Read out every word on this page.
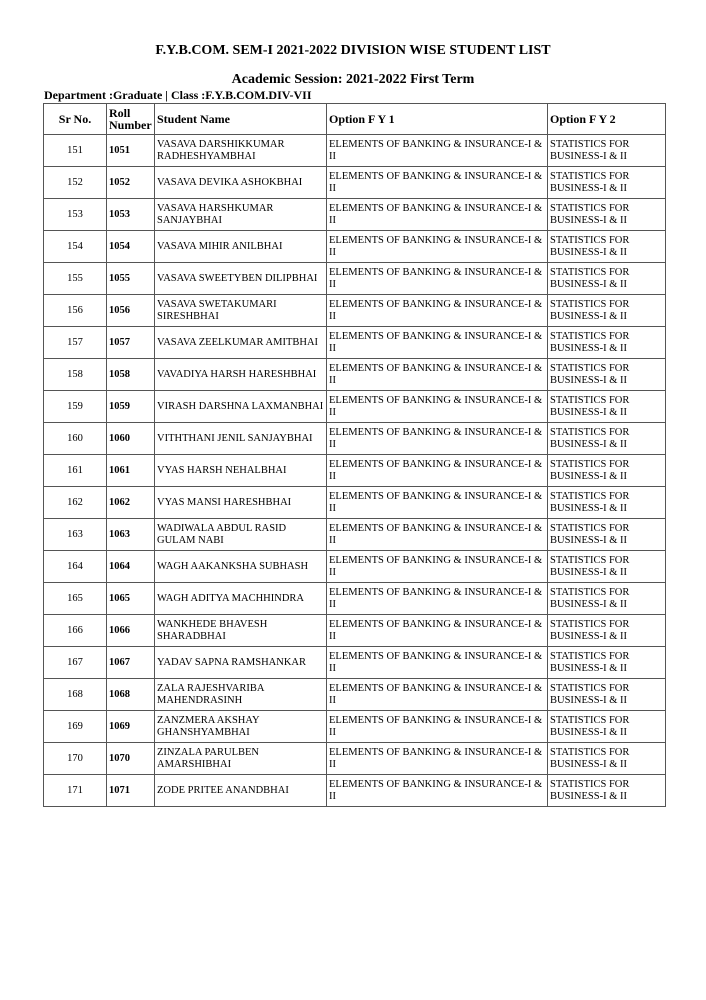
F.Y.B.COM. SEM-I 2021-2022 DIVISION WISE STUDENT LIST
Academic Session: 2021-2022 First Term
Department :Graduate | Class :F.Y.B.COM.DIV-VII
Sr No.	Roll Number	Student Name	Option F Y 1	Option F Y 2
151	1051	VASAVA DARSHIKKUMAR RADHESHYAMBHAI	ELEMENTS OF BANKING & INSURANCE-I & II	STATISTICS FOR BUSINESS-I & II
152	1052	VASAVA DEVIKA ASHOKBHAI	ELEMENTS OF BANKING & INSURANCE-I & II	STATISTICS FOR BUSINESS-I & II
153	1053	VASAVA HARSHKUMAR SANJAYBHAI	ELEMENTS OF BANKING & INSURANCE-I & II	STATISTICS FOR BUSINESS-I & II
154	1054	VASAVA MIHIR ANILBHAI	ELEMENTS OF BANKING & INSURANCE-I & II	STATISTICS FOR BUSINESS-I & II
155	1055	VASAVA SWEETYBEN DILIPBHAI	ELEMENTS OF BANKING & INSURANCE-I & II	STATISTICS FOR BUSINESS-I & II
156	1056	VASAVA SWETAKUMARI SIRESHBHAI	ELEMENTS OF BANKING & INSURANCE-I & II	STATISTICS FOR BUSINESS-I & II
157	1057	VASAVA ZEELKUMAR AMITBHAI	ELEMENTS OF BANKING & INSURANCE-I & II	STATISTICS FOR BUSINESS-I & II
158	1058	VAVADIYA HARSH HARESHBHAI	ELEMENTS OF BANKING & INSURANCE-I & II	STATISTICS FOR BUSINESS-I & II
159	1059	VIRASH DARSHNA LAXMANBHAI	ELEMENTS OF BANKING & INSURANCE-I & II	STATISTICS FOR BUSINESS-I & II
160	1060	VITHTHANI JENIL SANJAYBHAI	ELEMENTS OF BANKING & INSURANCE-I & II	STATISTICS FOR BUSINESS-I & II
161	1061	VYAS HARSH NEHALBHAI	ELEMENTS OF BANKING & INSURANCE-I & II	STATISTICS FOR BUSINESS-I & II
162	1062	VYAS MANSI HARESHBHAI	ELEMENTS OF BANKING & INSURANCE-I & II	STATISTICS FOR BUSINESS-I & II
163	1063	WADIWALA ABDUL RASID GULAM NABI	ELEMENTS OF BANKING & INSURANCE-I & II	STATISTICS FOR BUSINESS-I & II
164	1064	WAGH AAKANKSHA SUBHASH	ELEMENTS OF BANKING & INSURANCE-I & II	STATISTICS FOR BUSINESS-I & II
165	1065	WAGH ADITYA MACHHINDRA	ELEMENTS OF BANKING & INSURANCE-I & II	STATISTICS FOR BUSINESS-I & II
166	1066	WANKHEDE BHAVESH SHARADBHAI	ELEMENTS OF BANKING & INSURANCE-I & II	STATISTICS FOR BUSINESS-I & II
167	1067	YADAV SAPNA RAMSHANKAR	ELEMENTS OF BANKING & INSURANCE-I & II	STATISTICS FOR BUSINESS-I & II
168	1068	ZALA RAJESHVARIBA MAHENDRASINH	ELEMENTS OF BANKING & INSURANCE-I & II	STATISTICS FOR BUSINESS-I & II
169	1069	ZANZMERA AKSHAY GHANSHYAMBHAI	ELEMENTS OF BANKING & INSURANCE-I & II	STATISTICS FOR BUSINESS-I & II
170	1070	ZINZALA PARULBEN AMARSHIBHAI	ELEMENTS OF BANKING & INSURANCE-I & II	STATISTICS FOR BUSINESS-I & II
171	1071	ZODE PRITEE ANANDBHAI	ELEMENTS OF BANKING & INSURANCE-I & II	STATISTICS FOR BUSINESS-I & II
